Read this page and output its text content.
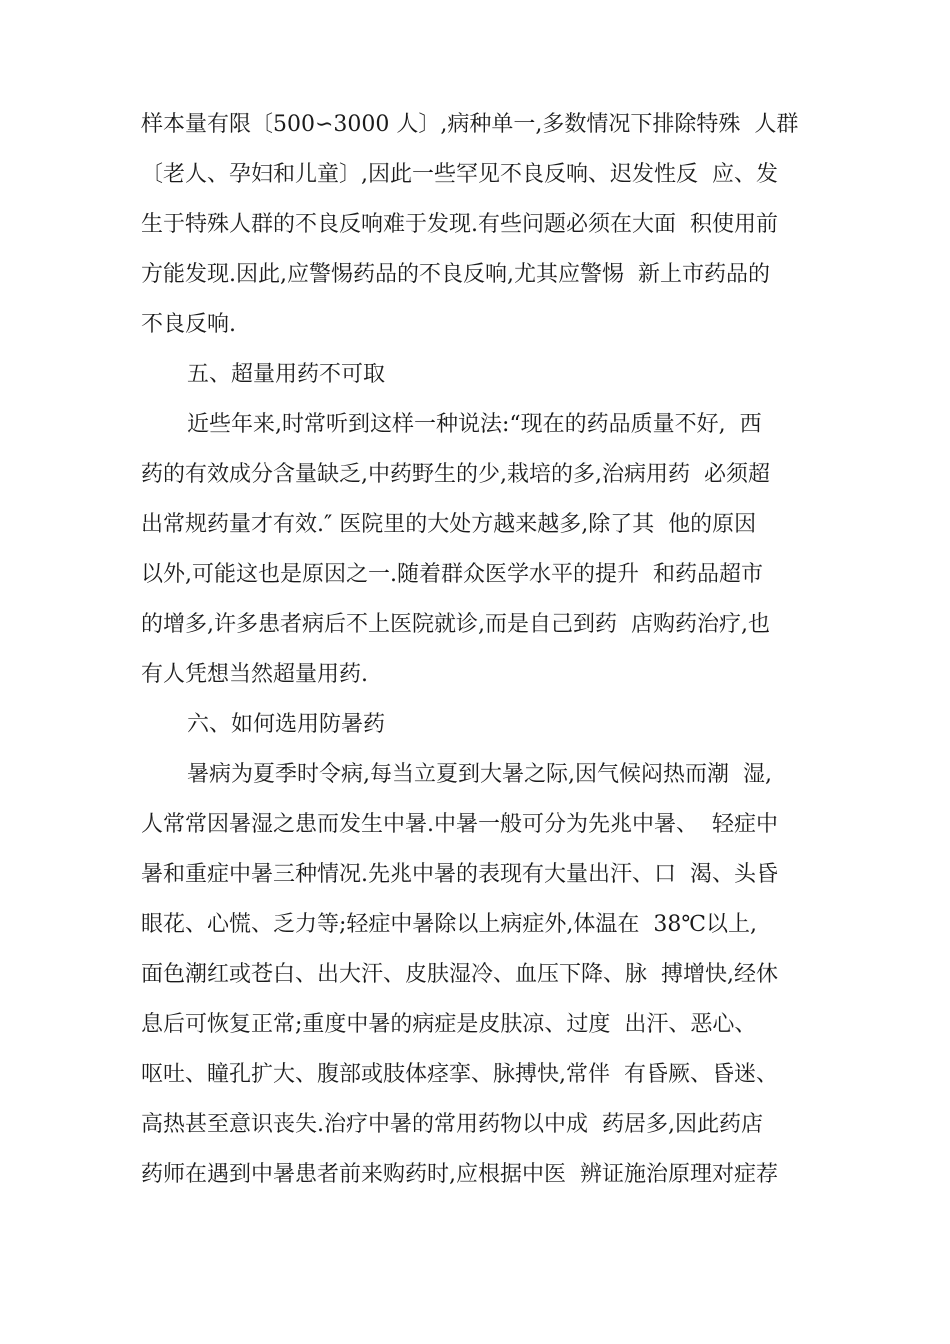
样本量有限〔500∽3000 人〕,病种单一,多数情况下排除特殊  人群
〔老人、孕妇和儿童〕,因此一些罕见不良反响、迟发性反  应、发
生于特殊人群的不良反响难于发现.有些问题必须在大面  积使用前
方能发现.因此,应警惕药品的不良反响,尤其应警惕  新上市药品的
不良反响.
五、超量用药不可取
近些年来,时常听到这样一种说法:“现在的药品质量不好,  西
药的有效成分含量缺乏,中药野生的少,栽培的多,治病用药  必须超
出常规药量才有效.″ 医院里的大处方越来越多,除了其  他的原因
以外,可能这也是原因之一.随着群众医学水平的提升  和药品超市
的增多,许多患者病后不上医院就诊,而是自己到药  店购药治疗,也
有人凭想当然超量用药.
六、如何选用防暑药
暑病为夏季时令病,每当立夏到大暑之际,因气候闷热而潮  湿,
人常常因暑湿之患而发生中暑.中暑一般可分为先兆中暑、  轻症中
暑和重症中暑三种情况.先兆中暑的表现有大量出汗、口  渴、头昏
眼花、心慌、乏力等;轻症中暑除以上病症外,体温在  38℃以上,
面色潮红或苍白、出大汗、皮肤湿冷、血压下降、脉  搏增快,经休
息后可恢复正常;重度中暑的病症是皮肤凉、过度  出汗、恶心、
呕吐、瞳孔扩大、腹部或肢体痉挛、脉搏快,常伴  有昏厥、昏迷、
高热甚至意识丧失.治疗中暑的常用药物以中成  药居多,因此药店
药师在遇到中暑患者前来购药时,应根据中医  辨证施治原理对症荐
